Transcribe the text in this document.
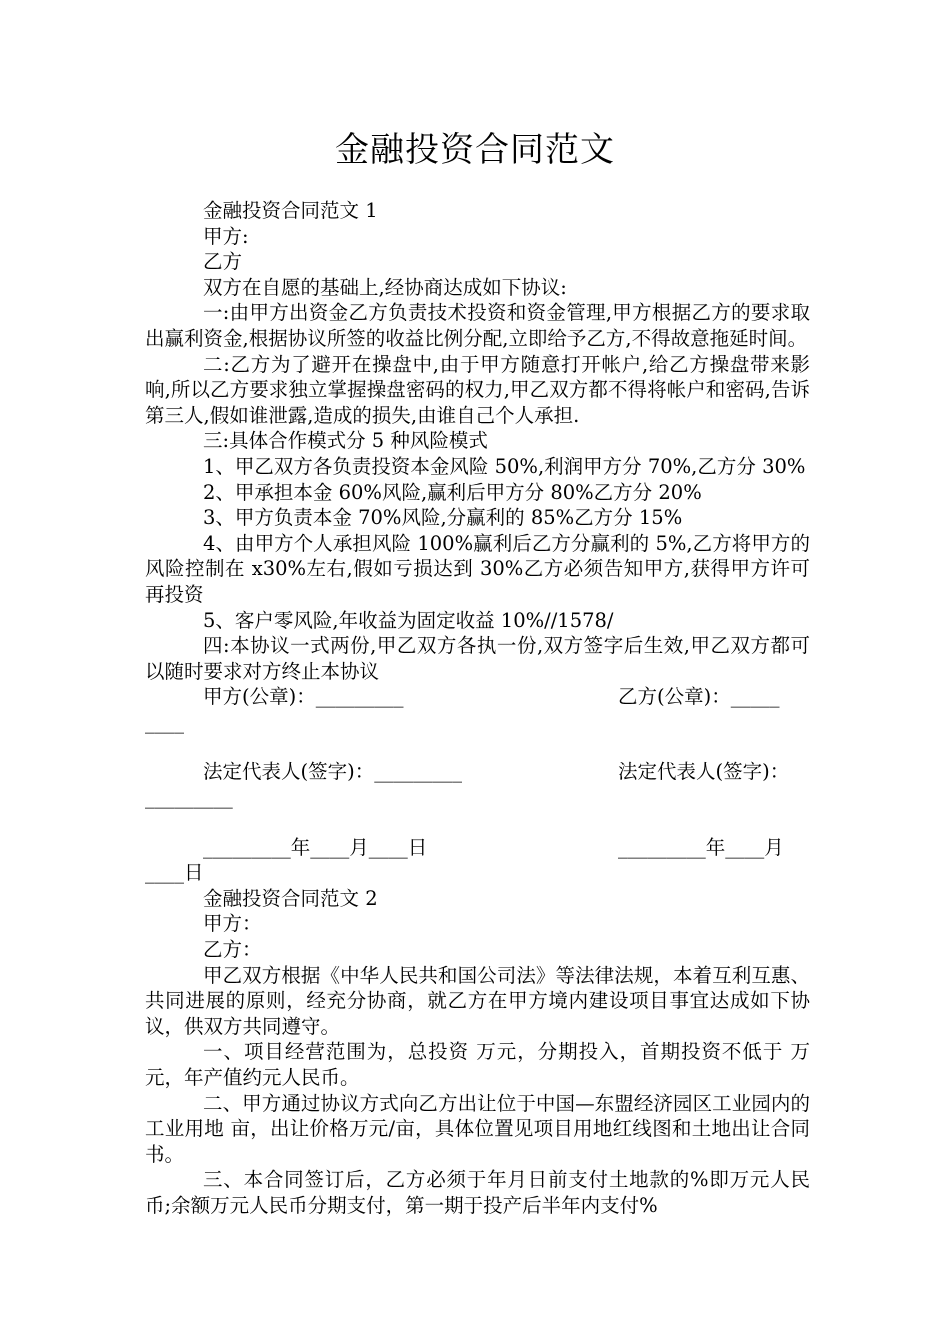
金融投资合同范文

金融投资合同范文 1

甲方:

乙方

双方在自愿的基础上,经协商达成如下协议:

一:由甲方出资金乙方负责技术投资和资金管理,甲方根据乙方的要求取出赢利资金,根据协议所签的收益比例分配,立即给予乙方,不得故意拖延时间。

二:乙方为了避开在操盘中,由于甲方随意打开帐户,给乙方操盘带来影响,所以乙方要求独立掌握操盘密码的权力,甲乙双方都不得将帐户和密码,告诉第三人,假如谁泄露,造成的损失,由谁自己个人承担.

三:具体合作模式分 5 种风险模式

1、甲乙双方各负责投资本金风险 50%,利润甲方分 70%,乙方分 30%

2、甲承担本金 60%风险,赢利后甲方分 80%乙方分 20%

3、甲方负责本金 70%风险,分赢利的 85%乙方分 15%

4、由甲方个人承担风险 100%赢利后乙方分赢利的 5%,乙方将甲方的风险控制在 x30%左右,假如亏损达到 30%乙方必须告知甲方,获得甲方许可再投资

5、客户零风险,年收益为固定收益 10%//1578/

四:本协议一式两份,甲乙双方各执一份,双方签字后生效,甲乙双方都可以随时要求对方终止本协议

甲方(公章)：_________	乙方(公章)：_____
____
法定代表人(签字)：_________	法定代表人(签字)：
_________
_________年____月____日	_________年____月
____日

金融投资合同范文 2

甲方：

乙方：

甲乙双方根据《中华人民共和国公司法》等法律法规，本着互利互惠、共同进展的原则，经充分协商，就乙方在甲方境内建设项目事宜达成如下协议，供双方共同遵守。

一、项目经营范围为，总投资 万元，分期投入，首期投资不低于 万元，年产值约元人民币。

二、甲方通过协议方式向乙方出让位于中国—东盟经济园区工业园内的工业用地 亩，出让价格万元/亩，具体位置见项目用地红线图和土地出让合同书。

三、本合同签订后，乙方必须于年月日前支付土地款的%即万元人民币;余额万元人民币分期支付，第一期于投产后半年内支付%
